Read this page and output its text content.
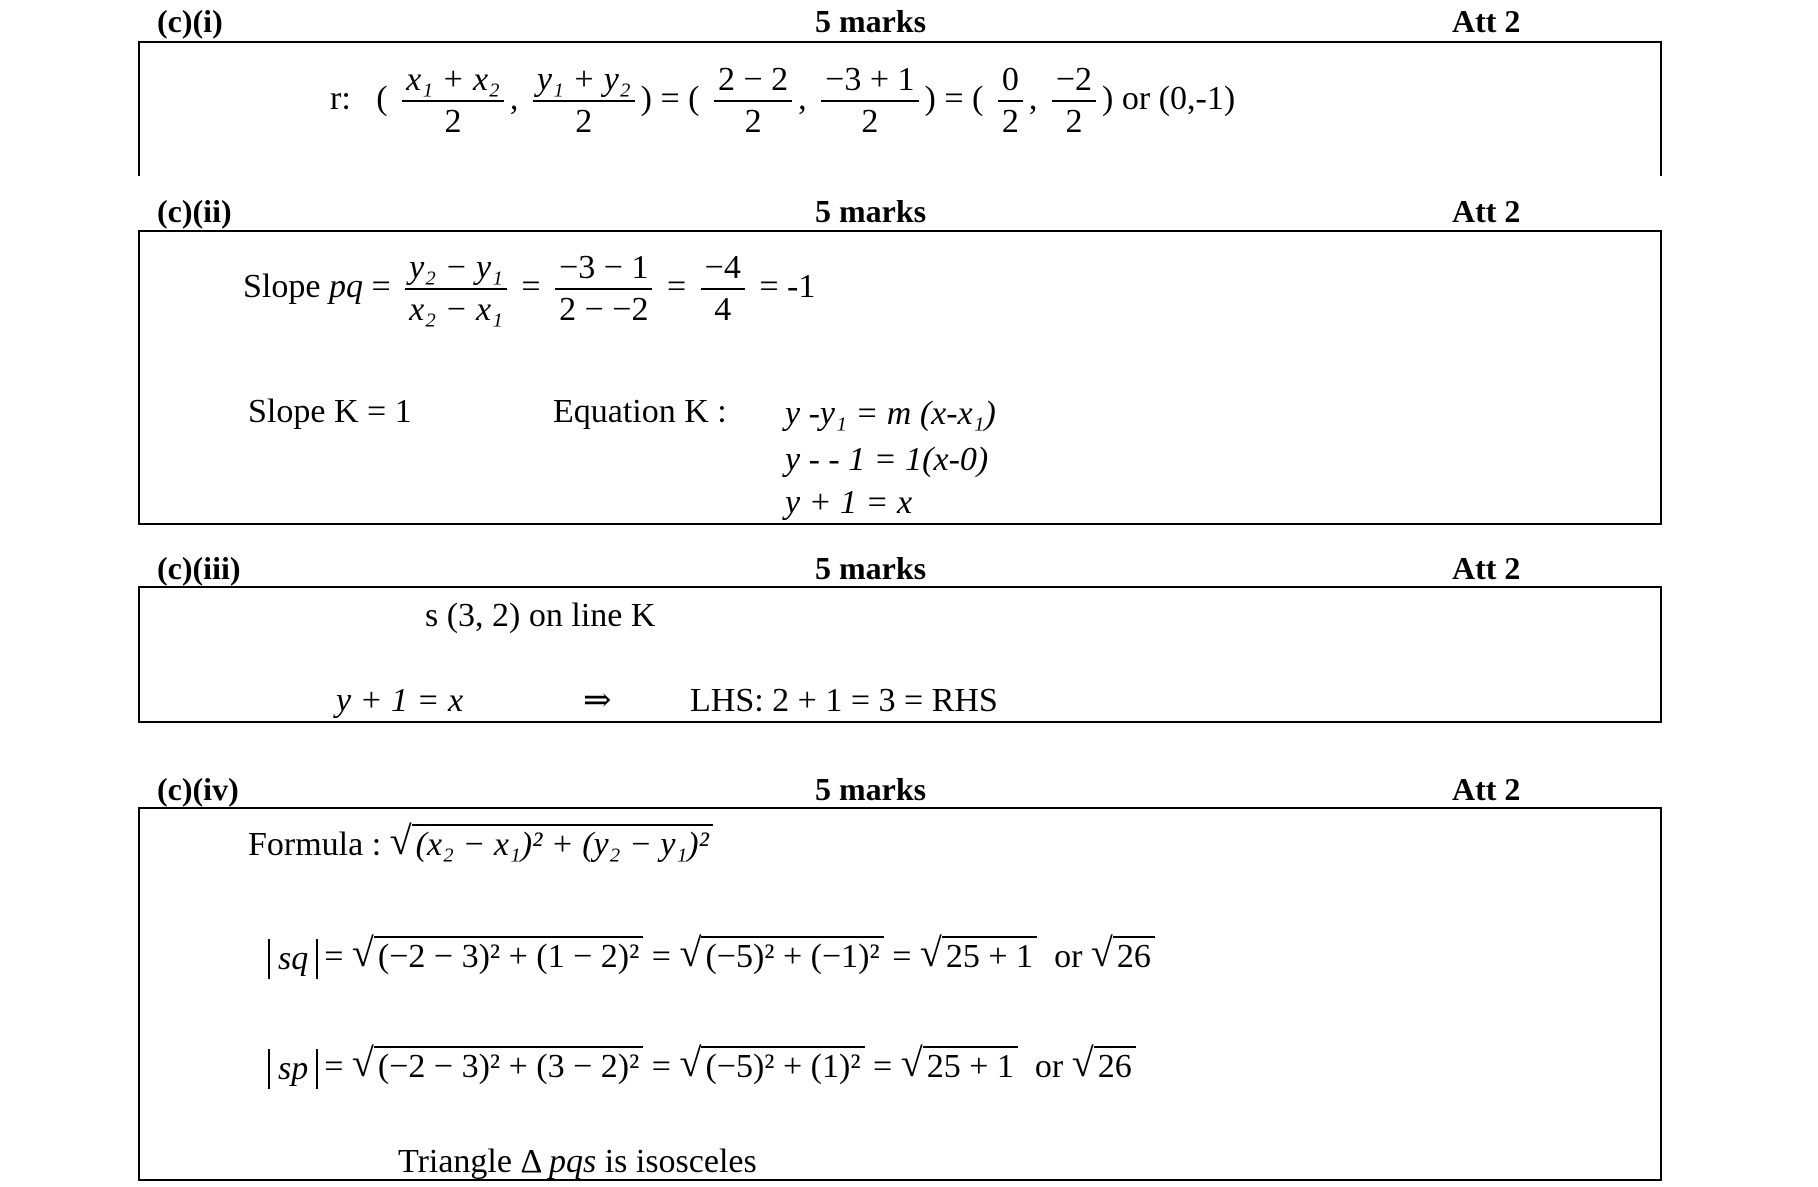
(c)(i)	5 marks	Att 2
r:   ( $\frac{\text{x₁ + x₂}}{2}$ , $\frac{\text{y₁ + y₂}}{2}$ ) = ( $\frac{2 - 2}{2}$ , $\frac{-3 + 1}{2}$ ) = ( $\frac{0}{2}$ , $\frac{-2}{2}$ ) or (0,-1)
(c)(ii)	5 marks	Att 2
Slope pq = $\frac{\text{y₂ − y₁}}{\text{x₂ − x₁}} = \frac{-3 - 1}{2 - -2} = \frac{-4}{4} = -1$
Slope K = 1	Equation K : y -y₁ = m (x-x₁)
y - - 1 = 1(x-0)
y + 1 = x
(c)(iii)	5 marks	Att 2
s (3, 2) on line K
y + 1 = x	⇒ LHS: 2 + 1 = 3 = RHS
(c)(iv)	5 marks	Att 2
Formula : √ (x₂ − x₁)² + (y₂ − y₁)²
sq = √ (−2 − 3)² + (1 − 2)² = √ (−5)² + (−1)² = √ 25 + 1 or √ 26
sp = √ (−2 − 3)² + (3 − 2)² = √ (−5)² + (1)² = √ 25 + 1 or √ 26
Triangle Δ pqs is isosceles
